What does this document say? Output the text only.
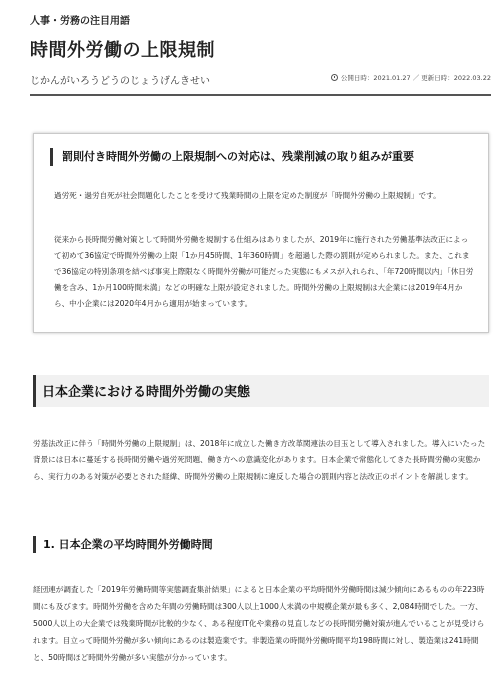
人事・労務の注目用語
時間外労働の上限規制
じかんがいろうどうのじょうげんきせい	公開日時：2021.01.27 ／ 更新日時：2022.03.22
罰則付き時間外労働の上限規制への対応は、残業削減の取り組みが重要

過労死・過労自死が社会問題化したことを受けて残業時間の上限を定めた制度が「時間外労働の上限規制」です。

従来から長時間労働対策として時間外労働を規制する仕組みはありましたが、2019年に施行された労働基準法改正によって初めて36協定で時間外労働の上限「1か月45時間、1年360時間」を超過した際の罰則が定められました。また、これまで36協定の特別条項を結べば事実上際限なく時間外労働が可能だった実態にもメスが入れられ、「年720時間以内」「休日労働を含み、1か月100時間未満」などの明確な上限が設定されました。時間外労働の上限規制は大企業には2019年4月から、中小企業には2020年4月から適用が始まっています。

日本企業における時間外労働の実態

労基法改正に伴う「時間外労働の上限規制」は、2018年に成立した働き方改革関連法の目玉として導入されました。導入にいたった背景には日本に蔓延する長時間労働や過労死問題、働き方への意識変化があります。日本企業で常態化してきた長時間労働の実態から、実行力のある対策が必要とされた経緯、時間外労働の上限規制に違反した場合の罰則内容と法改正のポイントを解説します。

1. 日本企業の平均時間外労働時間

経団連が調査した「2019年労働時間等実態調査集計結果」によると日本企業の平均時間外労働時間は減少傾向にあるものの年223時間にも及びます。時間外労働を含めた年間の労働時間は300人以上1000人未満の中規模企業が最も多く、2,084時間でした。一方、5000人以上の大企業では残業時間が比較的少なく、ある程度IT化や業務の見直しなどの長時間労働対策が進んでいることが見受けられます。目立って時間外労働が多い傾向にあるのは製造業です。非製造業の時間外労働時間平均198時間に対し、製造業は241時間と、50時間ほど時間外労働が多い実態が分かっています。
